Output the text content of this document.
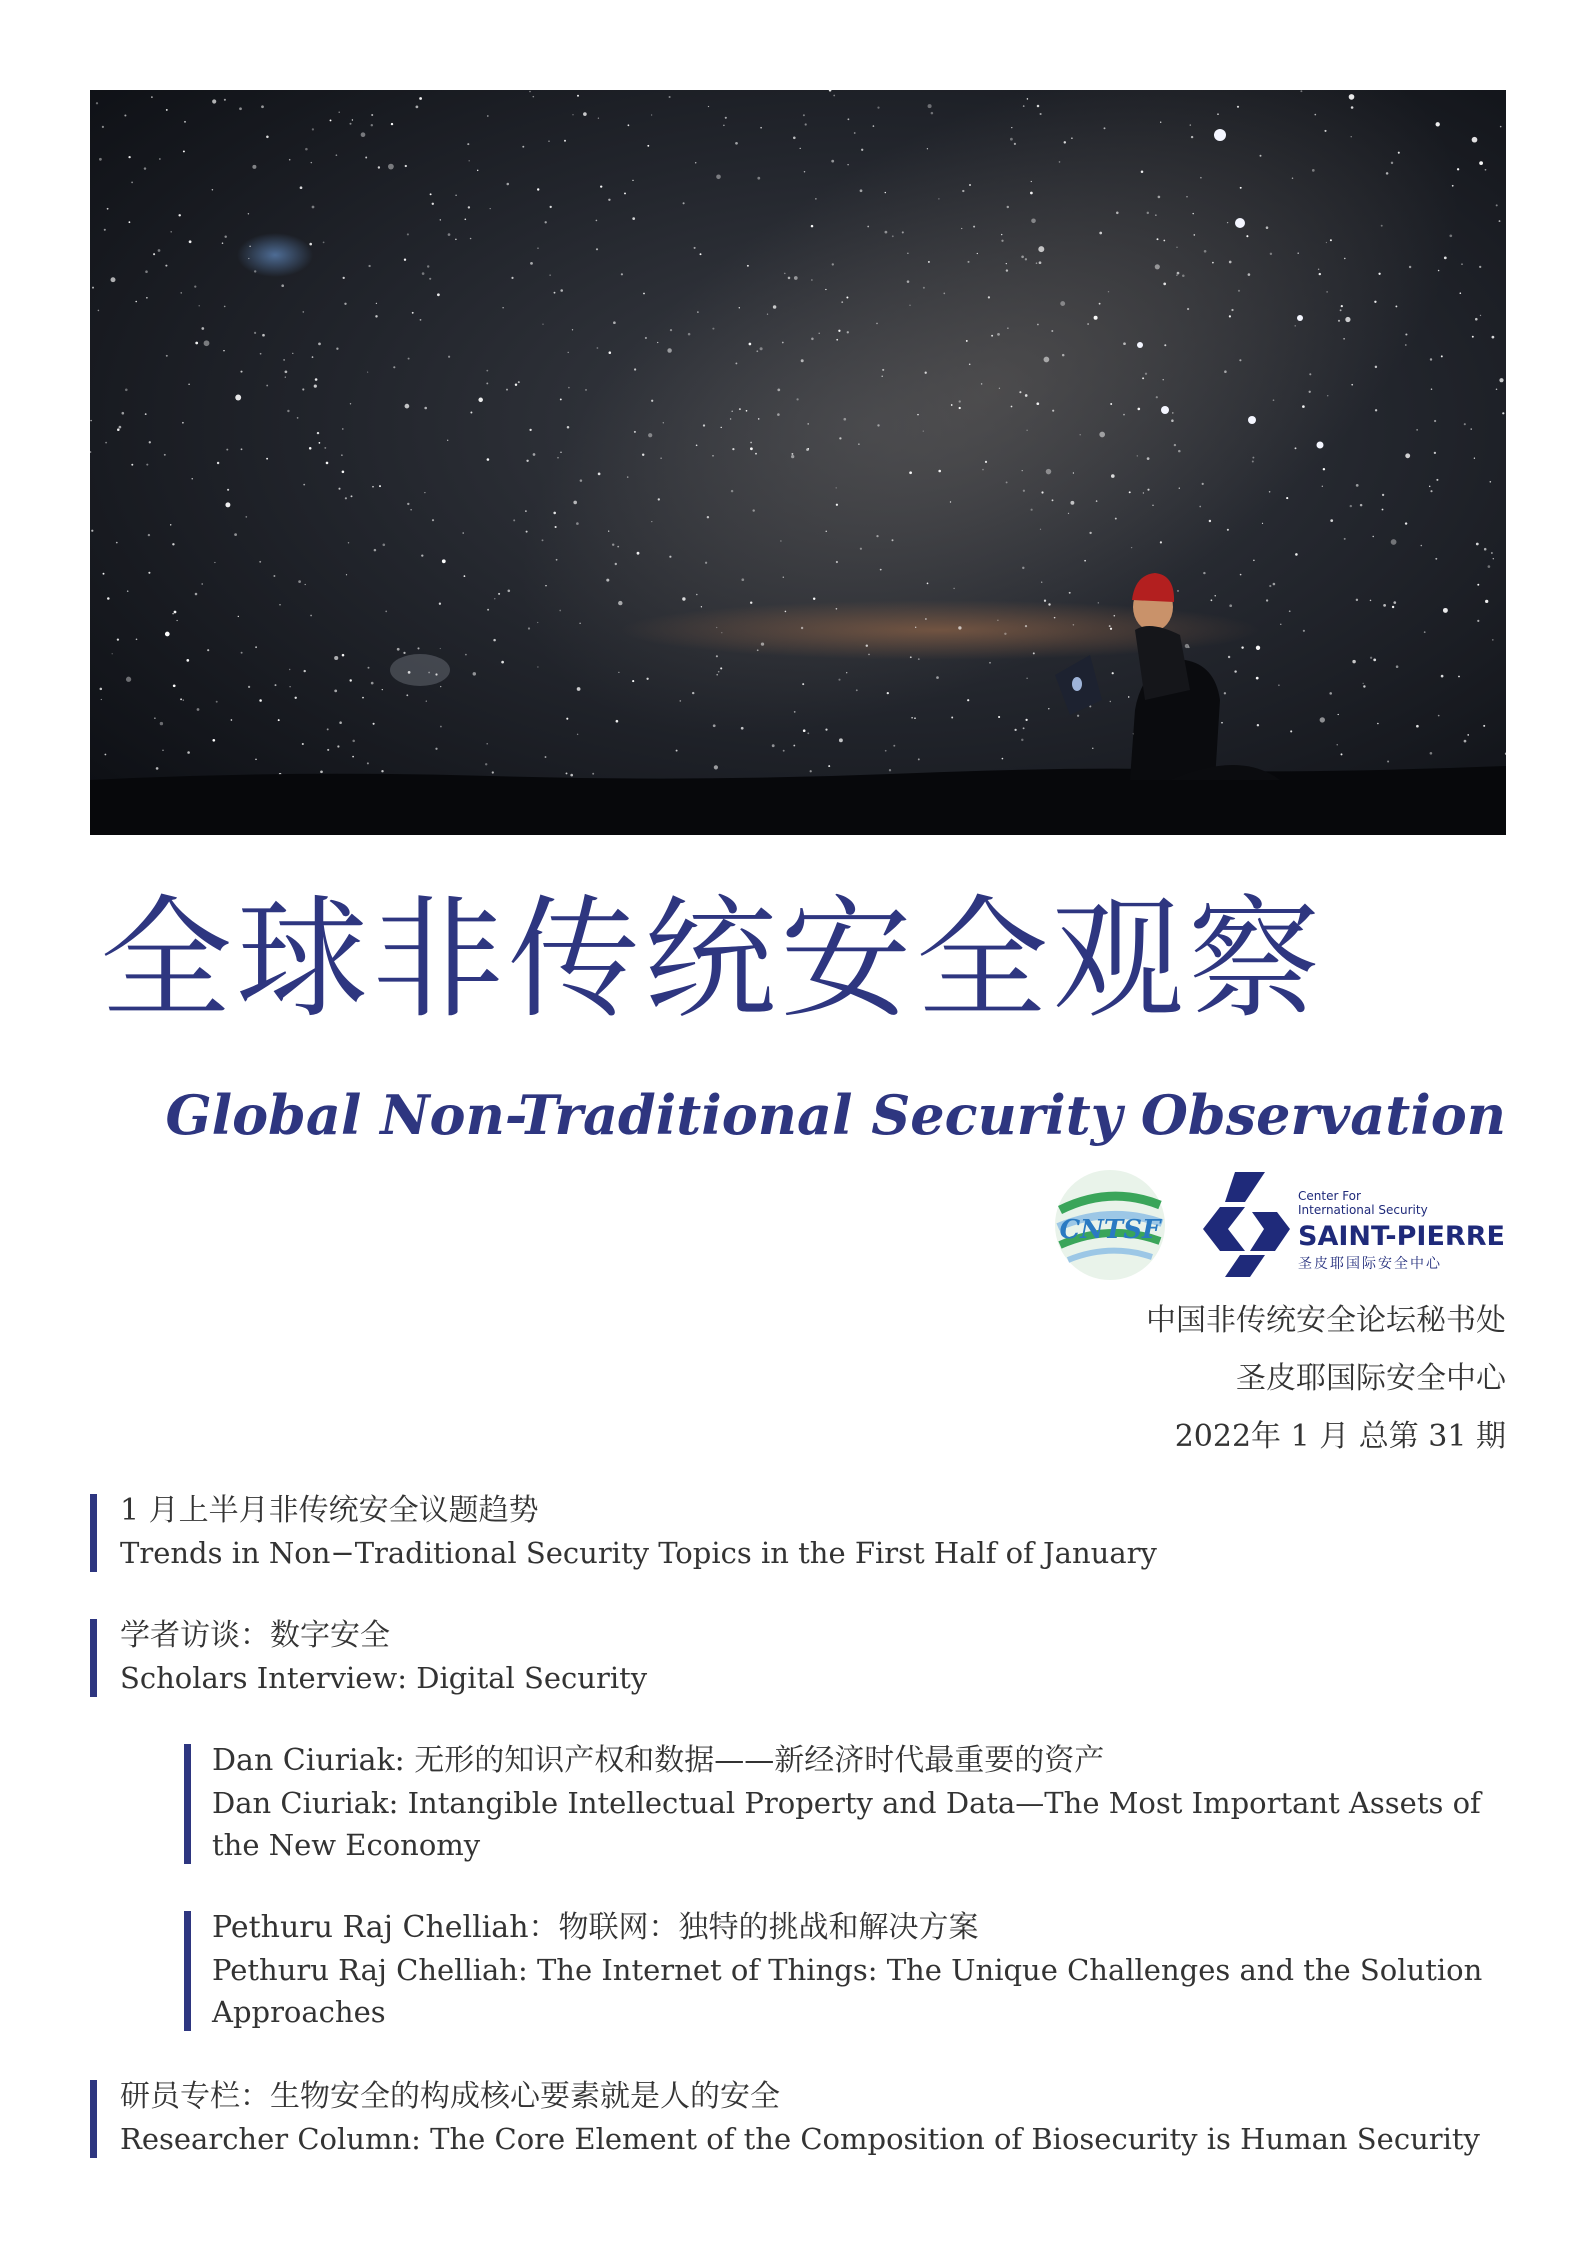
全球非传统安全观察
Global Non-Traditional Security Observation
CNTSF
Center For
International Security
SAINT-PIERRE
圣皮耶国际安全中心
中国非传统安全论坛秘书处
圣皮耶国际安全中心
2022年 1 月 总第 31 期
1 月上半月非传统安全议题趋势
Trends in Non−Traditional Security Topics in the First Half of January
学者访谈：数字安全
Scholars Interview: Digital Security
Dan Ciuriak: 无形的知识产权和数据——新经济时代最重要的资产
Dan Ciuriak: Intangible Intellectual Property and Data—The Most Important Assets of the New Economy
Pethuru Raj Chelliah：物联网：独特的挑战和解决方案
Pethuru Raj Chelliah: The Internet of Things: The Unique Challenges and the Solution Approaches
研员专栏：生物安全的构成核心要素就是人的安全
Researcher Column: The Core Element of the Composition of Biosecurity is Human Security
